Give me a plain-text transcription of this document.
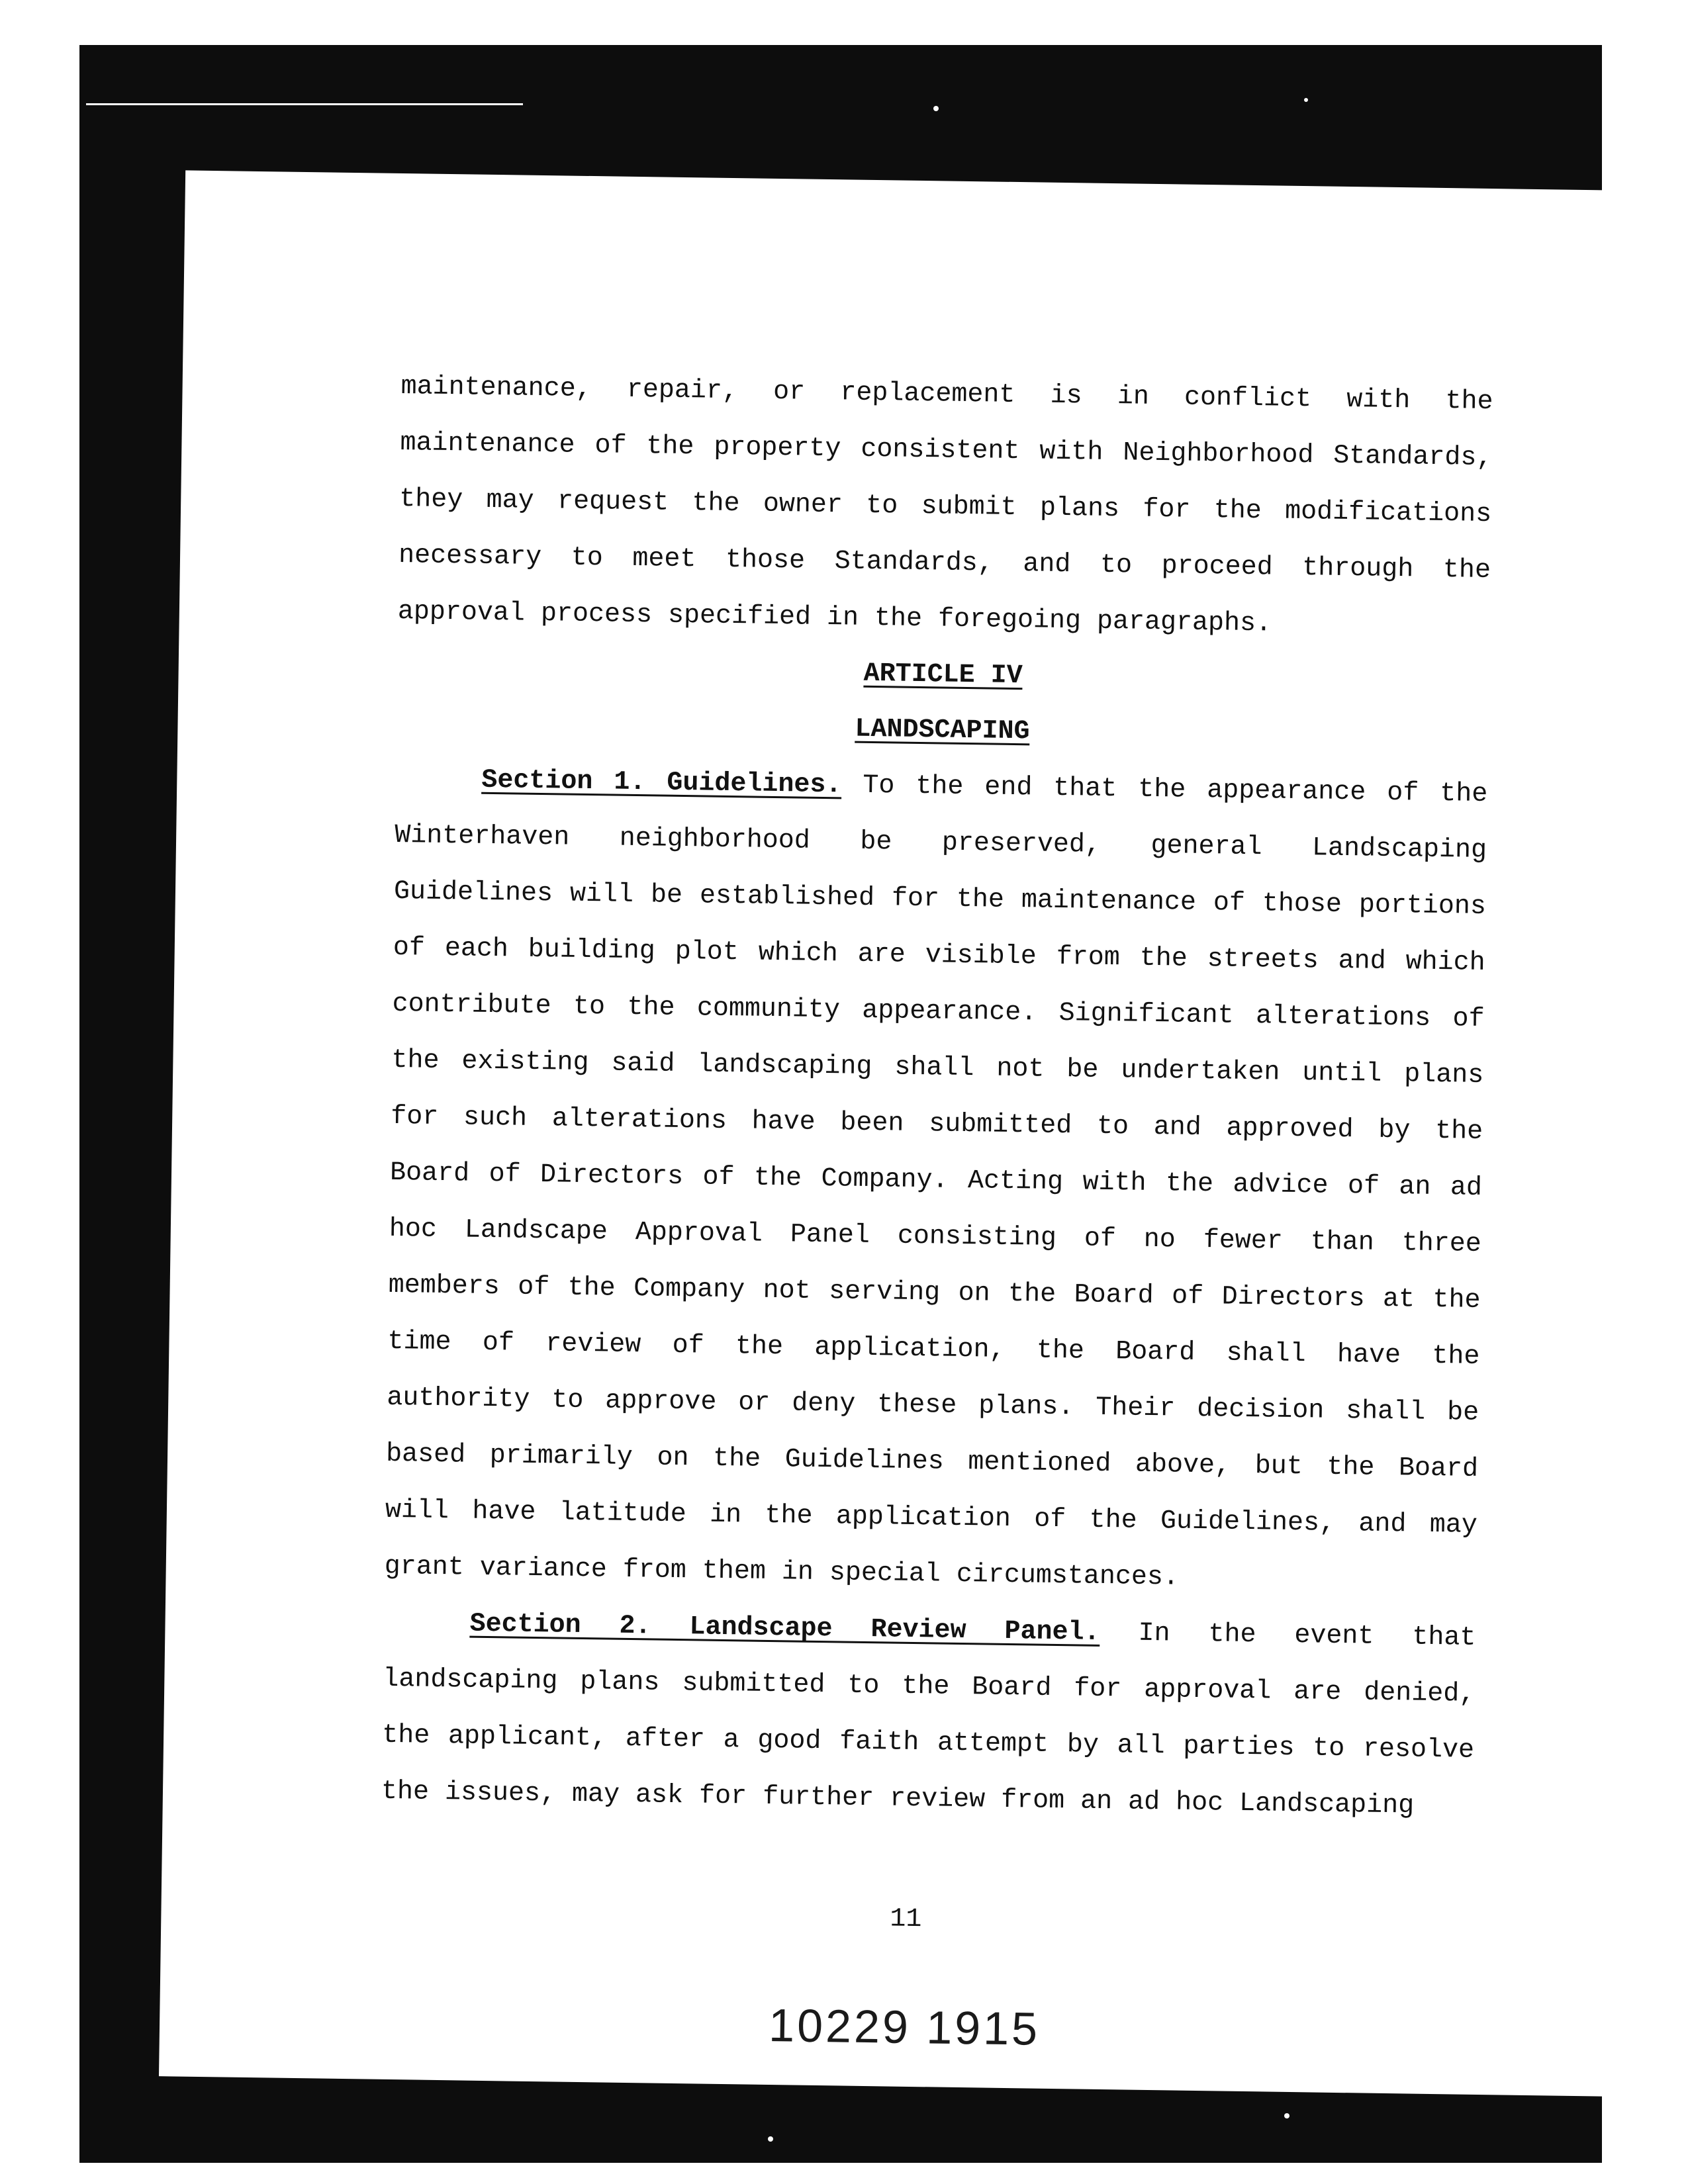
maintenance, repair, or replacement is in conflict with the maintenance of the property consistent with Neighborhood Standards, they may request the owner to submit plans for the modifications necessary to meet those Standards, and to proceed through the approval process specified in the foregoing paragraphs.

ARTICLE IV

LANDSCAPING

Section 1. Guidelines. To the end that the appearance of the Winterhaven neighborhood be preserved, general Landscaping Guidelines will be established for the maintenance of those portions of each building plot which are visible from the streets and which contribute to the community appearance. Significant alterations of the existing said landscaping shall not be undertaken until plans for such alterations have been submitted to and approved by the Board of Directors of the Company. Acting with the advice of an ad hoc Landscape Approval Panel consisting of no fewer than three members of the Company not serving on the Board of Directors at the time of review of the application, the Board shall have the authority to approve or deny these plans. Their decision shall be based primarily on the Guidelines mentioned above, but the Board will have latitude in the application of the Guidelines, and may grant variance from them in special circumstances.

Section 2. Landscape Review Panel. In the event that landscaping plans submitted to the Board for approval are denied, the applicant, after a good faith attempt by all parties to resolve the issues, may ask for further review from an ad hoc Landscaping

11
10229 1915
